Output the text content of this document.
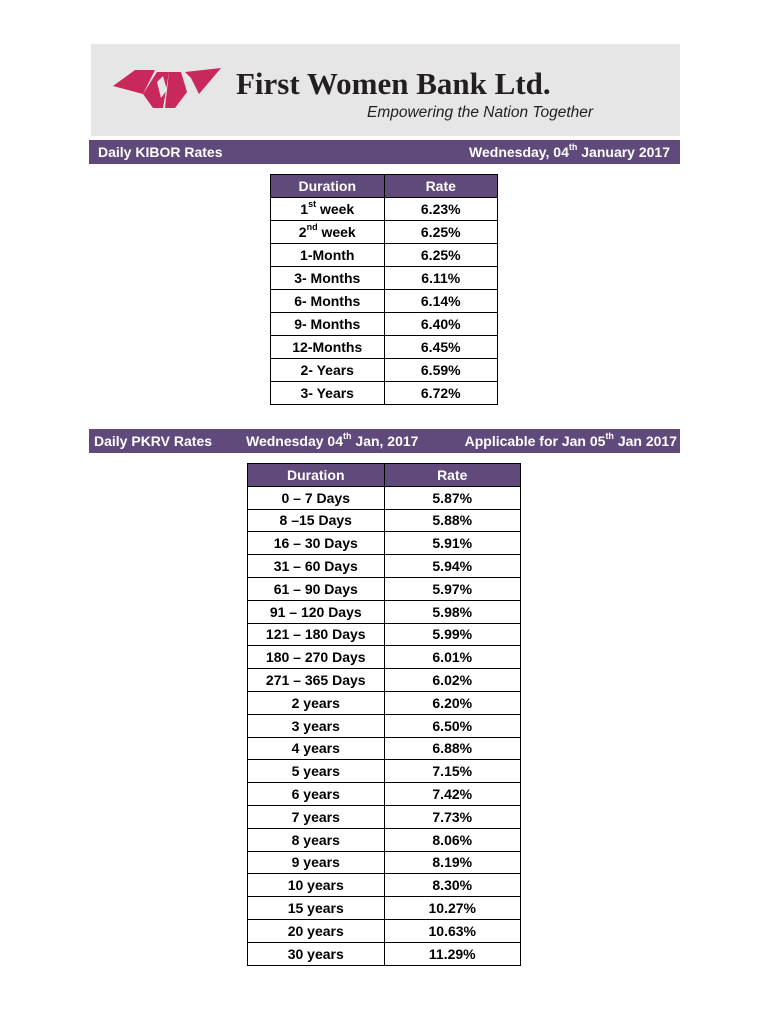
First Women Bank Ltd.
Empowering the Nation Together
Daily KIBOR Rates	Wednesday, 04th January 2017
Duration	Rate
1st week	6.23%
2nd week	6.25%
1-Month	6.25%
3- Months	6.11%
6- Months	6.14%
9- Months	6.40%
12-Months	6.45%
2- Years	6.59%
3- Years	6.72%
Daily PKRV Rates Wednesday 04th Jan, 2017	Applicable for Jan 05th Jan 2017
Duration	Rate
0 – 7 Days	5.87%
8 –15 Days	5.88%
16 – 30 Days	5.91%
31 – 60 Days	5.94%
61 – 90 Days	5.97%
91 – 120 Days	5.98%
121 – 180 Days	5.99%
180 – 270 Days	6.01%
271 – 365 Days	6.02%
2 years	6.20%
3 years	6.50%
4 years	6.88%
5 years	7.15%
6 years	7.42%
7 years	7.73%
8 years	8.06%
9 years	8.19%
10 years	8.30%
15 years	10.27%
20 years	10.63%
30 years	11.29%
